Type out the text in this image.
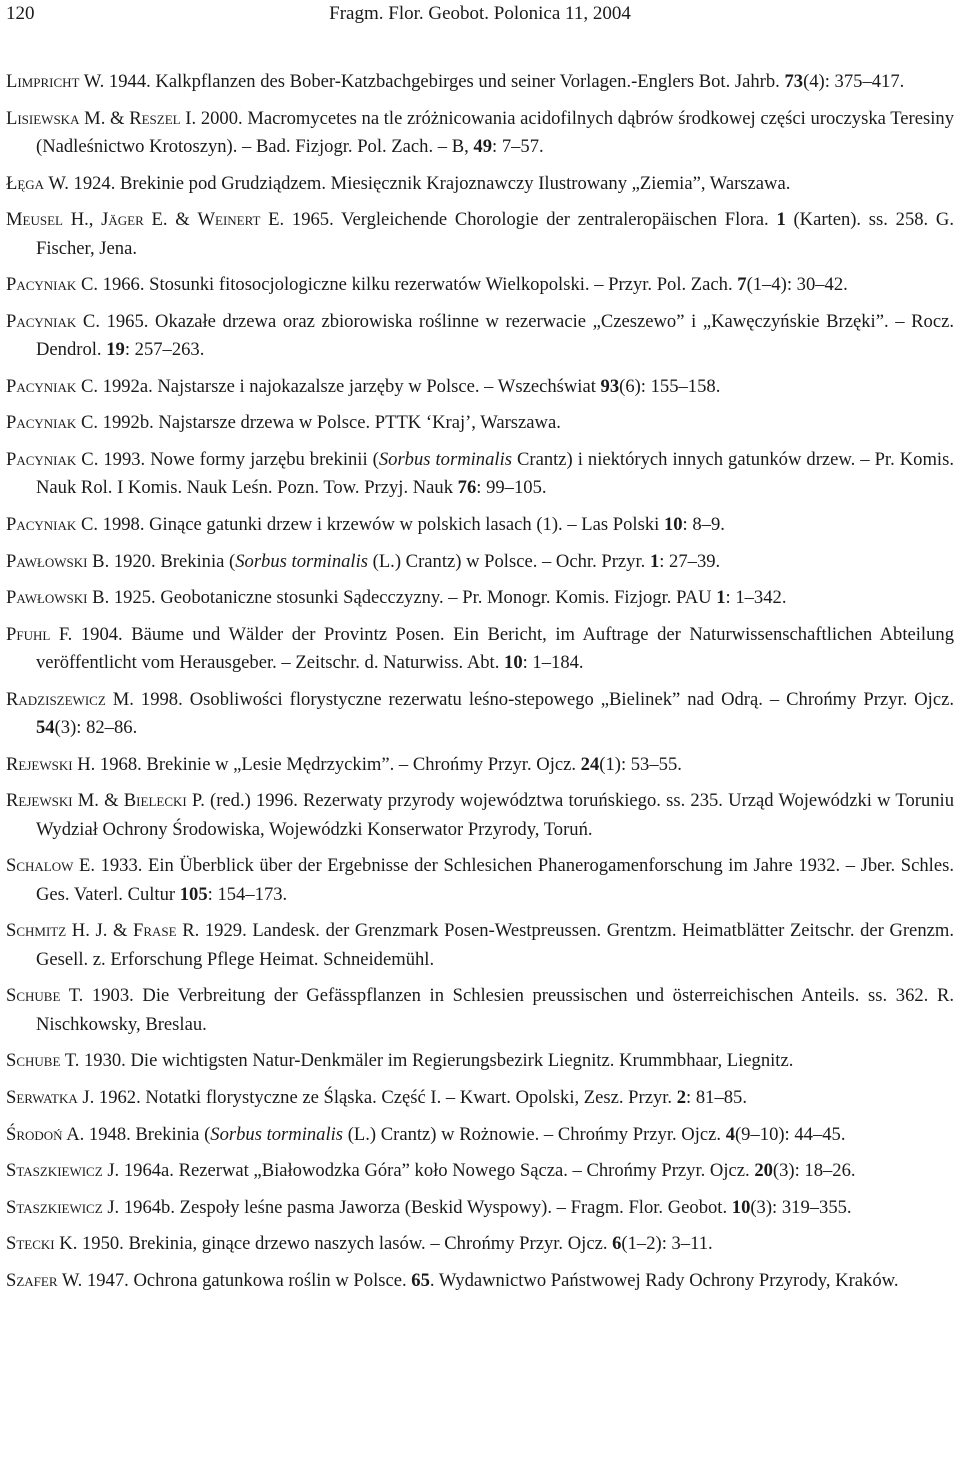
120	Fragm. Flor. Geobot. Polonica 11, 2004
Limpricht W. 1944. Kalkpflanzen des Bober-Katzbachgebirges und seiner Vorlagen.-Englers Bot. Jahrb. 73(4): 375–417.
Lisiewska M. & Reszel I. 2000. Macromycetes na tle zróżnicowania acidofilnych dąbrów środkowej części uroczyska Teresiny (Nadleśnictwo Krotoszyn). – Bad. Fizjogr. Pol. Zach. – B, 49: 7–57.
Łęga W. 1924. Brekinie pod Grudziądzem. Miesięcznik Krajoznawczy Ilustrowany „Ziemia”, Warszawa.
Meusel H., Jäger E. & Weinert E. 1965. Vergleichende Chorologie der zentraleropäischen Flora. 1 (Karten). ss. 258. G. Fischer, Jena.
Pacyniak C. 1966. Stosunki fitosocjologiczne kilku rezerwatów Wielkopolski. – Przyr. Pol. Zach. 7(1–4): 30–42.
Pacyniak C. 1965. Okazałe drzewa oraz zbiorowiska roślinne w rezerwacie „Czeszewo” i „Kawęczyńskie Brzęki”. – Rocz. Dendrol. 19: 257–263.
Pacyniak C. 1992a. Najstarsze i najokazalsze jarzęby w Polsce. – Wszechświat 93(6): 155–158.
Pacyniak C. 1992b. Najstarsze drzewa w Polsce. PTTK ‘Kraj’, Warszawa.
Pacyniak C. 1993. Nowe formy jarzębu brekinii (Sorbus torminalis Crantz) i niektórych innych gatunków drzew. – Pr. Komis. Nauk Rol. I Komis. Nauk Leśn. Pozn. Tow. Przyj. Nauk 76: 99–105.
Pacyniak C. 1998. Ginące gatunki drzew i krzewów w polskich lasach (1). – Las Polski 10: 8–9.
Pawłowski B. 1920. Brekinia (Sorbus torminalis (L.) Crantz) w Polsce. – Ochr. Przyr. 1: 27–39.
Pawłowski B. 1925. Geobotaniczne stosunki Sądecczyzny. – Pr. Monogr. Komis. Fizjogr. PAU 1: 1–342.
Pfuhl F. 1904. Bäume und Wälder der Provintz Posen. Ein Bericht, im Auftrage der Naturwissenschaftlichen Abteilung veröffentlicht vom Herausgeber. – Zeitschr. d. Naturwiss. Abt. 10: 1–184.
Radziszewicz M. 1998. Osobliwości florystyczne rezerwatu leśno-stepowego „Bielinek” nad Odrą. – Chrońmy Przyr. Ojcz. 54(3): 82–86.
Rejewski H. 1968. Brekinie w „Lesie Mędrzyckim”. – Chrońmy Przyr. Ojcz. 24(1): 53–55.
Rejewski M. & Bielecki P. (red.) 1996. Rezerwaty przyrody województwa toruńskiego. ss. 235. Urząd Wojewódzki w Toruniu Wydział Ochrony Środowiska, Wojewódzki Konserwator Przyrody, Toruń.
Schalow E. 1933. Ein Überblick über der Ergebnisse der Schlesichen Phanerogamenforschung im Jahre 1932. – Jber. Schles. Ges. Vaterl. Cultur 105: 154–173.
Schmitz H. J. & Frase R. 1929. Landesk. der Grenzmark Posen-Westpreussen. Grentzm. Heimatblätter Zeitschr. der Grenzm. Gesell. z. Erforschung Pflege Heimat. Schneidemühl.
Schube T. 1903. Die Verbreitung der Gefässpflanzen in Schlesien preussischen und österreichischen Anteils. ss. 362. R. Nischkowsky, Breslau.
Schube T. 1930. Die wichtigsten Natur-Denkmäler im Regierungsbezirk Liegnitz. Krummbhaar, Liegnitz.
Serwatka J. 1962. Notatki florystyczne ze Śląska. Część I. – Kwart. Opolski, Zesz. Przyr. 2: 81–85.
Środoń A. 1948. Brekinia (Sorbus torminalis (L.) Crantz) w Rożnowie. – Chrońmy Przyr. Ojcz. 4(9–10): 44–45.
Staszkiewicz J. 1964a. Rezerwat „Białowodzka Góra” koło Nowego Sącza. – Chrońmy Przyr. Ojcz. 20(3): 18–26.
Staszkiewicz J. 1964b. Zespoły leśne pasma Jaworza (Beskid Wyspowy). – Fragm. Flor. Geobot. 10(3): 319–355.
Stecki K. 1950. Brekinia, ginące drzewo naszych lasów. – Chrońmy Przyr. Ojcz. 6(1–2): 3–11.
Szafer W. 1947. Ochrona gatunkowa roślin w Polsce. 65. Wydawnictwo Państwowej Rady Ochrony Przyrody, Kraków.
